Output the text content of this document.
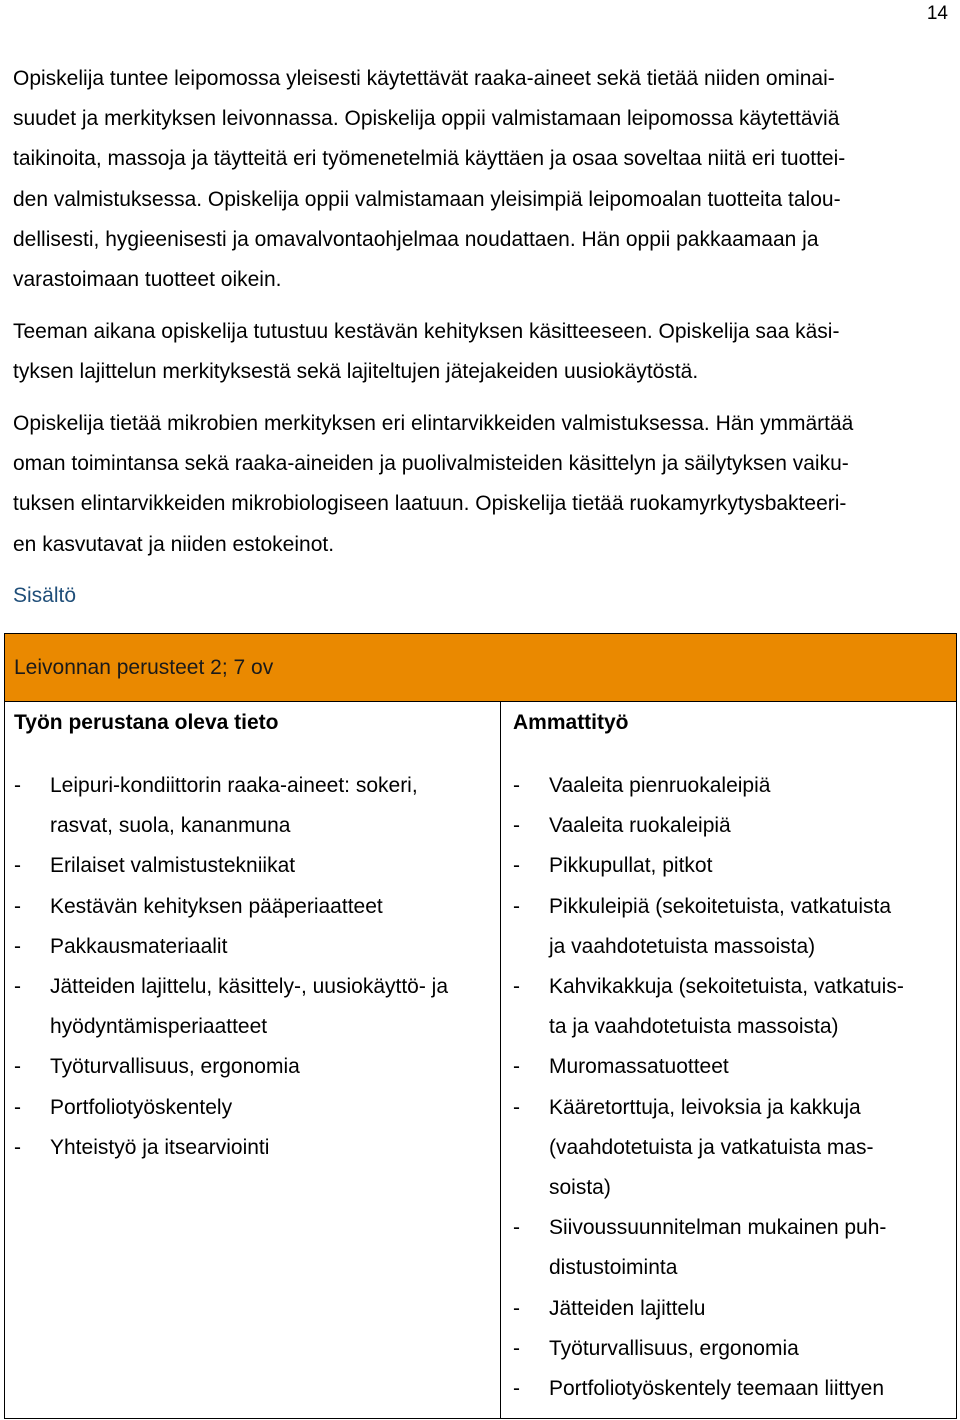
14

Opiskelija tuntee leipomossa yleisesti käytettävät raaka-aineet sekä tietää niiden ominai-
suudet ja merkityksen leivonnassa. Opiskelija oppii valmistamaan leipomossa käytettäviä
taikinoita, massoja ja täytteitä eri työmenetelmiä käyttäen ja osaa soveltaa niitä eri tuottei-
den valmistuksessa. Opiskelija oppii valmistamaan yleisimpiä leipomoalan tuotteita talou-
dellisesti, hygieenisesti ja omavalvontaohjelmaa noudattaen. Hän oppii pakkaamaan ja
varastoimaan tuotteet oikein.

Teeman aikana opiskelija tutustuu kestävän kehityksen käsitteeseen. Opiskelija saa käsi-
tyksen lajittelun merkityksestä sekä lajiteltujen jätejakeiden uusiokäytöstä.

Opiskelija tietää mikrobien merkityksen eri elintarvikkeiden valmistuksessa. Hän ymmärtää
oman toimintansa sekä raaka-aineiden ja puolivalmisteiden käsittelyn ja säilytyksen vaiku-
tuksen elintarvikkeiden mikrobiologiseen laatuun. Opiskelija tietää ruokamyrkytysbakteeri-
en kasvutavat ja niiden estokeinot.

Sisältö
Leivonnan perusteet 2; 7 ov
Työn perustana oleva tieto	Ammattityö
- Leipuri-kondiittorin raaka-aineet: sokeri,
rasvat, suola, kananmuna
- Erilaiset valmistustekniikat
- Kestävän kehityksen pääperiaatteet
- Pakkausmateriaalit
- Jätteiden lajittelu, käsittely-, uusiokäyttö- ja
hyödyntämisperiaatteet
- Työturvallisuus, ergonomia
- Portfoliotyöskentely
- Yhteistyö ja itsearviointi
- Vaaleita pienruokaleipiä
- Vaaleita ruokaleipiä
- Pikkupullat, pitkot
- Pikkuleipiä (sekoitetuista, vatkatuista
ja vaahdotetuista massoista)
- Kahvikakkuja (sekoitetuista, vatkatuis-
ta ja vaahdotetuista massoista)
- Muromassatuotteet
- Kääretorttuja, leivoksia ja kakkuja
(vaahdotetuista ja vatkatuista mas-
soista)
- Siivoussuunnitelman mukainen puh-
distustoiminta
- Jätteiden lajittelu
- Työturvallisuus, ergonomia
- Portfoliotyöskentely teemaan liittyen
